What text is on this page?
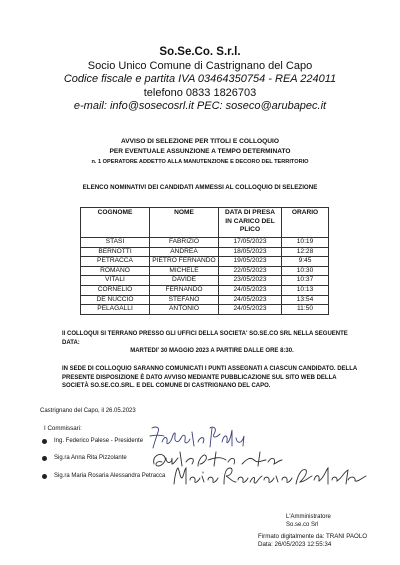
So.Se.Co. S.r.l.
Socio Unico Comune di Castrignano del Capo
Codice fiscale e partita IVA 03464350754 - REA 224011
telefono 0833 1826703
e-mail: info@sosecosrl.it PEC: soseco@arubapec.it
AVVISO DI SELEZIONE PER TITOLI E COLLOQUIO
PER EVENTUALE ASSUNZIONE A TEMPO DETERMINATO
n. 1 OPERATORE ADDETTO ALLA MANUTENZIONE E DECORO DEL TERRITORIO
ELENCO NOMINATIVI DEI CANDIDATI AMMESSI AL COLLOQUIO DI SELEZIONE
COGNOME	NOME	DATA DI PRESA IN CARICO DEL PLICO	ORARIO
STASI	FABRIZIO	17/05/2023	10:19
BERNOTTI	ANDREA	18/05/2023	12:28
PETRACCA	PIETRO FERNANDO	19/05/2023	9:45
ROMANO	MICHELE	22/05/2023	10:30
VITALI	DAVIDE	23/05/2023	10:37
CORNELIO	FERNANDO	24/05/2023	10:13
DE NUCCIO	STEFANO	24/05/2023	13:54
PELAGALLI	ANTONIO	24/05/2023	11:50
Il COLLOQUI SI TERRANO PRESSO GLI UFFICI DELLA SOCIETA' SO.SE.CO SRL NELLA SEGUENTE DATA:
MARTEDI' 30 MAGGIO 2023 A PARTIRE DALLE ORE 8:30.
IN SEDE DI COLLOQUIO SARANNO COMUNICATI I PUNTI ASSEGNATI A CIASCUN CANDIDATO. DELLA PRESENTE DISPOSIZIONE È DATO AVVISO MEDIANTE PUBBLICAZIONE SUL SITO WEB DELLA SOCIETÀ SO.SE.CO.SRL. E DEL COMUNE DI CASTRIGNANO DEL CAPO.
Castrignano del Capo, il 26.05.2023
I Commissari:
Ing. Federico Palese - Presidente
Sig.ra Anna Rita Pizzolante
Sig.ra Maria Rosaria Alessandra Petracca
L'Amministratore
So.se.co Srl
Firmato digitalmente da: TRANI PAOLO
Data: 26/05/2023 12:55:34
